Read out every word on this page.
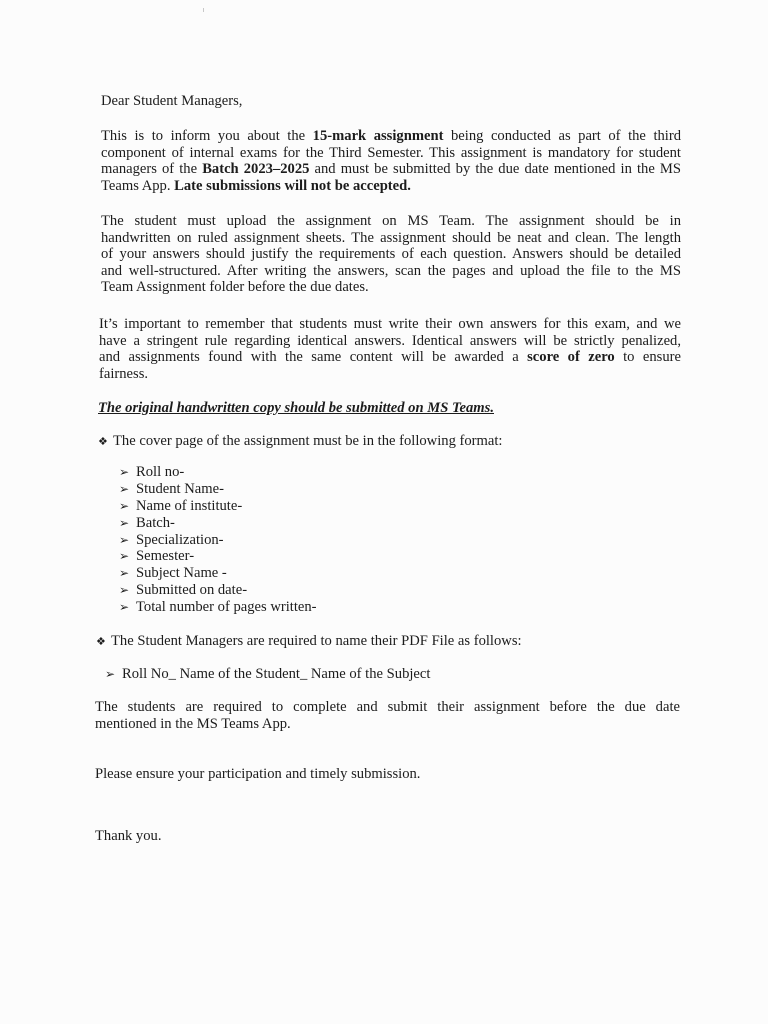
Dear Student Managers,

This is to inform you about the 15-mark assignment being conducted as part of the third
component of internal exams for the Third Semester. This assignment is mandatory for student
managers of the Batch 2023–2025 and must be submitted by the due date mentioned in the MS
Teams App. Late submissions will not be accepted.
The student must upload the assignment on MS Team. The assignment should be in
handwritten on ruled assignment sheets. The assignment should be neat and clean. The length
of your answers should justify the requirements of each question. Answers should be detailed
and well-structured. After writing the answers, scan the pages and upload the file to the MS
Team Assignment folder before the due dates.
It’s important to remember that students must write their own answers for this exam, and we
have a stringent rule regarding identical answers. Identical answers will be strictly penalized,
and assignments found with the same content will be awarded a score of zero to ensure
fairness.

The original handwritten copy should be submitted on MS Teams.

❖ The cover page of the assignment must be in the following format:

➢ Roll no-
➢ Student Name-
➢ Name of institute-
➢ Batch-
➢ Specialization-
➢ Semester-
➢ Subject Name -
➢ Submitted on date-
➢ Total number of pages written-

❖ The Student Managers are required to name their PDF File as follows:

➢ Roll No_ Name of the Student_ Name of the Subject

The students are required to complete and submit their assignment before the due date
mentioned in the MS Teams App.

Please ensure your participation and timely submission.

Thank you.
